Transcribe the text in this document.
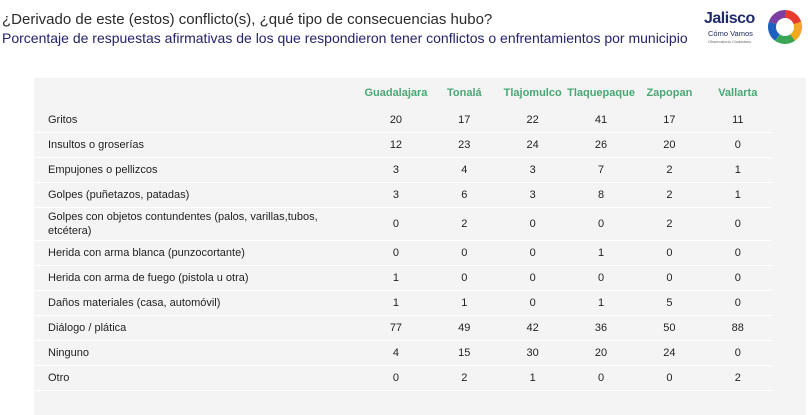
¿Derivado de este (estos) conflicto(s), ¿qué tipo de consecuencias hubo?
Porcentaje de respuestas afirmativas de los que respondieron tener conflictos o enfrentamientos por municipio
Jalisco
Cómo Vamos
Observatorio Ciudadano
	Guadalajara	Tonalá	Tlajomulco	Tlaquepaque	Zapopan	Vallarta
Gritos	20	17	22	41	17	11
Insultos o groserías	12	23	24	26	20	0
Empujones o pellizcos	3	4	3	7	2	1
Golpes (puñetazos, patadas)	3	6	3	8	2	1
Golpes con objetos contundentes (palos, varillas,tubos, etcétera)	0	2	0	0	2	0
Herida con arma blanca (punzocortante)	0	0	0	1	0	0
Herida con arma de fuego (pistola u otra)	1	0	0	0	0	0
Daños materiales (casa, automóvil)	1	1	0	1	5	0
Diálogo / plática	77	49	42	36	50	88
Ninguno	4	15	30	20	24	0
Otro	0	2	1	0	0	2
